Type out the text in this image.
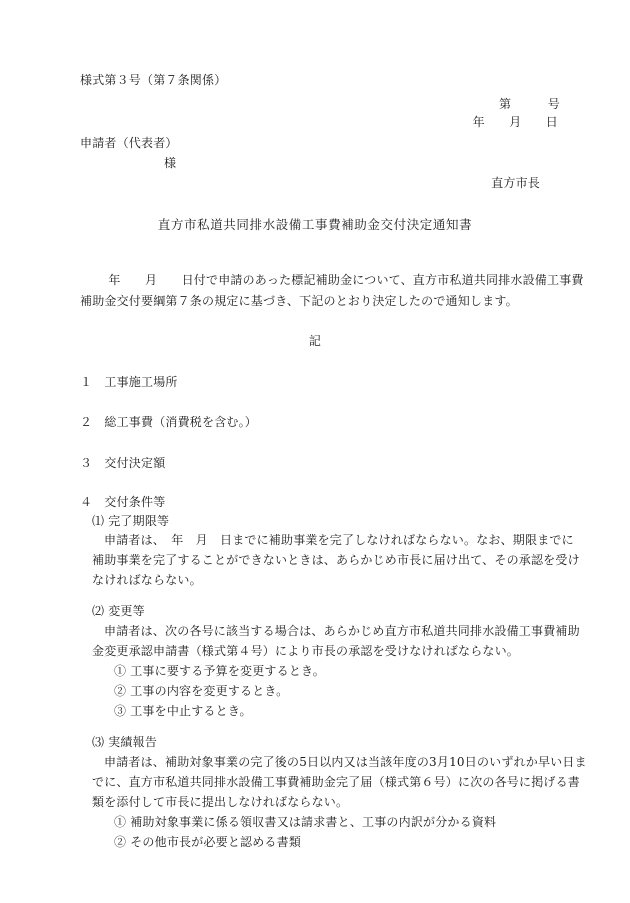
様式第３号（第７条関係）
第　　　号
年　　月　　日
申請者（代表者）
様
直方市長
直方市私道共同排水設備工事費補助金交付決定通知書
　　年　　月　　日付で申請のあった標記補助金について、直方市私道共同排水設備工事費
補助金交付要綱第７条の規定に基づき、下記のとおり決定したので通知します。
記
１　工事施工場所
２　総工事費（消費税を含む。）
３　交付決定額
４　交付条件等
⑴ 完了期限等
申請者は、　年　月　日までに補助事業を完了しなければならない。なお、期限までに
補助事業を完了することができないときは、あらかじめ市長に届け出て、その承認を受け
なければならない。
⑵ 変更等
申請者は、次の各号に該当する場合は、あらかじめ直方市私道共同排水設備工事費補助
金変更承認申請書（様式第４号）により市長の承認を受けなければならない。
① 工事に要する予算を変更するとき。
② 工事の内容を変更するとき。
③ 工事を中止するとき。
⑶ 実績報告
申請者は、補助対象事業の完了後の5日以内又は当該年度の3月10日のいずれか早い日ま
でに、直方市私道共同排水設備工事費補助金完了届（様式第６号）に次の各号に掲げる書
類を添付して市長に提出しなければならない。
① 補助対象事業に係る領収書又は請求書と、工事の内訳が分かる資料
② その他市長が必要と認める書類
